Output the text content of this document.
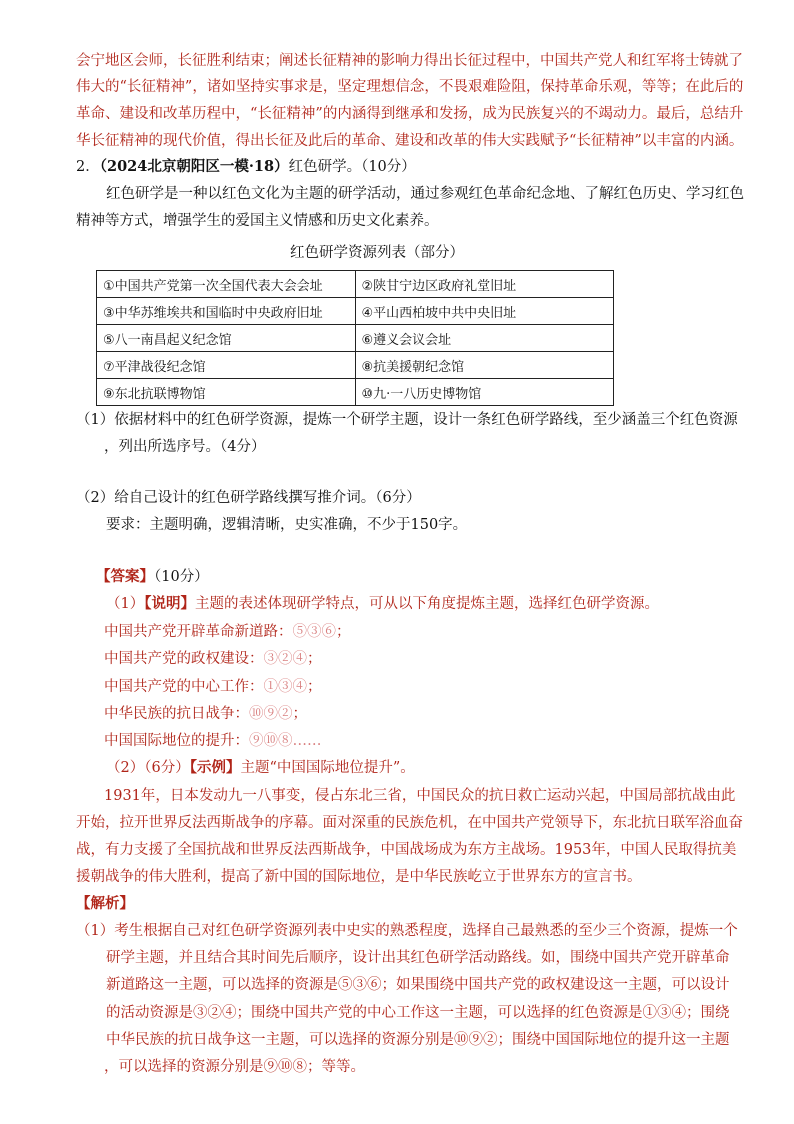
会宁地区会师，长征胜利结束；阐述长征精神的影响力得出长征过程中，中国共产党人和红军将士铸就了
伟大的“长征精神”，诸如坚持实事求是，坚定理想信念，不畏艰难险阻，保持革命乐观，等等；在此后的
革命、建设和改革历程中，“长征精神”的内涵得到继承和发扬，成为民族复兴的不竭动力。最后，总结升
华长征精神的现代价值，得出长征及此后的革命、建设和改革的伟大实践赋予“长征精神”以丰富的内涵。
2．（2024北京朝阳区一模·18）红色研学。（10分）
红色研学是一种以红色文化为主题的研学活动，通过参观红色革命纪念地、了解红色历史、学习红色
精神等方式，增强学生的爱国主义情感和历史文化素养。
红色研学资源列表（部分）
①中国共产党第一次全国代表大会会址	②陕甘宁边区政府礼堂旧址
③中华苏维埃共和国临时中央政府旧址	④平山西柏坡中共中央旧址
⑤八一南昌起义纪念馆	⑥遵义会议会址
⑦平津战役纪念馆	⑧抗美援朝纪念馆
⑨东北抗联博物馆	⑩九·一八历史博物馆
（1）依据材料中的红色研学资源，提炼一个研学主题，设计一条红色研学路线，至少涵盖三个红色资源
，列出所选序号。（4分）
（2）给自己设计的红色研学路线撰写推介词。（6分）
要求：主题明确，逻辑清晰，史实准确，不少于150字。
【答案】（10分）
（1）【说明】主题的表述体现研学特点，可从以下角度提炼主题，选择红色研学资源。
中国共产党开辟革命新道路：⑤③⑥；
中国共产党的政权建设：③②④；
中国共产党的中心工作：①③④；
中华民族的抗日战争：⑩⑨②；
中国国际地位的提升：⑨⑩⑧……
（2）（6分）【示例】主题“中国国际地位提升”。
1931年，日本发动九一八事变，侵占东北三省，中国民众的抗日救亡运动兴起，中国局部抗战由此
开始，拉开世界反法西斯战争的序幕。面对深重的民族危机，在中国共产党领导下，东北抗日联军浴血奋
战，有力支援了全国抗战和世界反法西斯战争，中国战场成为东方主战场。1953年，中国人民取得抗美
援朝战争的伟大胜利，提高了新中国的国际地位，是中华民族屹立于世界东方的宣言书。
【解析】
（1）考生根据自己对红色研学资源列表中史实的熟悉程度，选择自己最熟悉的至少三个资源，提炼一个
研学主题，并且结合其时间先后顺序，设计出其红色研学活动路线。如，围绕中国共产党开辟革命
新道路这一主题，可以选择的资源是⑤③⑥；如果围绕中国共产党的政权建设这一主题，可以设计
的活动资源是③②④；围绕中国共产党的中心工作这一主题，可以选择的红色资源是①③④；围绕
中华民族的抗日战争这一主题，可以选择的资源分别是⑩⑨②；围绕中国国际地位的提升这一主题
，可以选择的资源分别是⑨⑩⑧；等等。
